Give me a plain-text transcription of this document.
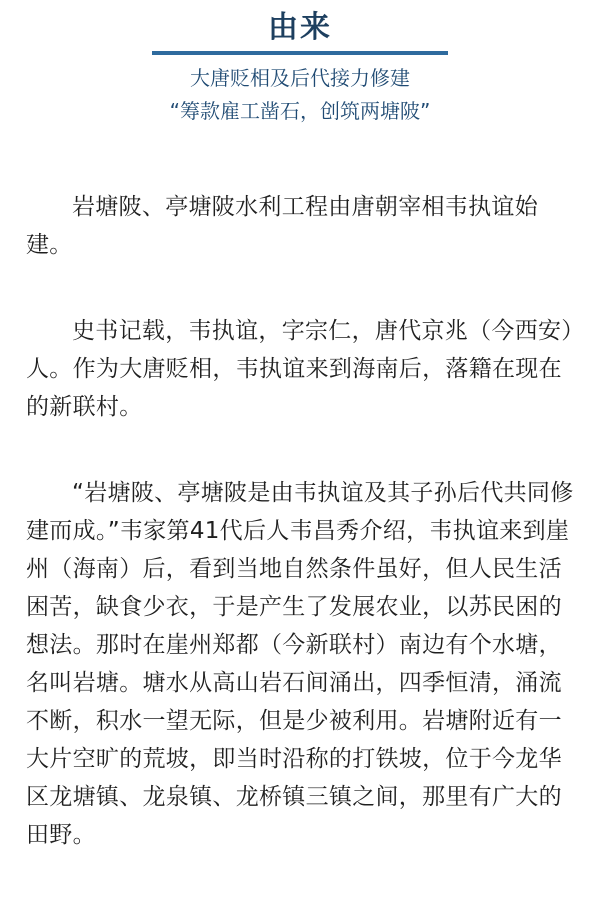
由来
大唐贬相及后代接力修建
“筹款雇工凿石，创筑两塘陂”

岩塘陂、亭塘陂水利工程由唐朝宰相韦执谊始建。

史书记载，韦执谊，字宗仁，唐代京兆（今西安）人。作为大唐贬相，韦执谊来到海南后，落籍在现在的新联村。

“岩塘陂、亭塘陂是由韦执谊及其子孙后代共同修建而成。”韦家第41代后人韦昌秀介绍，韦执谊来到崖州（海南）后，看到当地自然条件虽好，但人民生活困苦，缺食少衣，于是产生了发展农业，以苏民困的想法。那时在崖州郑都（今新联村）南边有个水塘，名叫岩塘。塘水从高山岩石间涌出，四季恒清，涌流不断，积水一望无际，但是少被利用。岩塘附近有一大片空旷的荒坡，即当时沿称的打铁坡，位于今龙华区龙塘镇、龙泉镇、龙桥镇三镇之间，那里有广大的田野。
